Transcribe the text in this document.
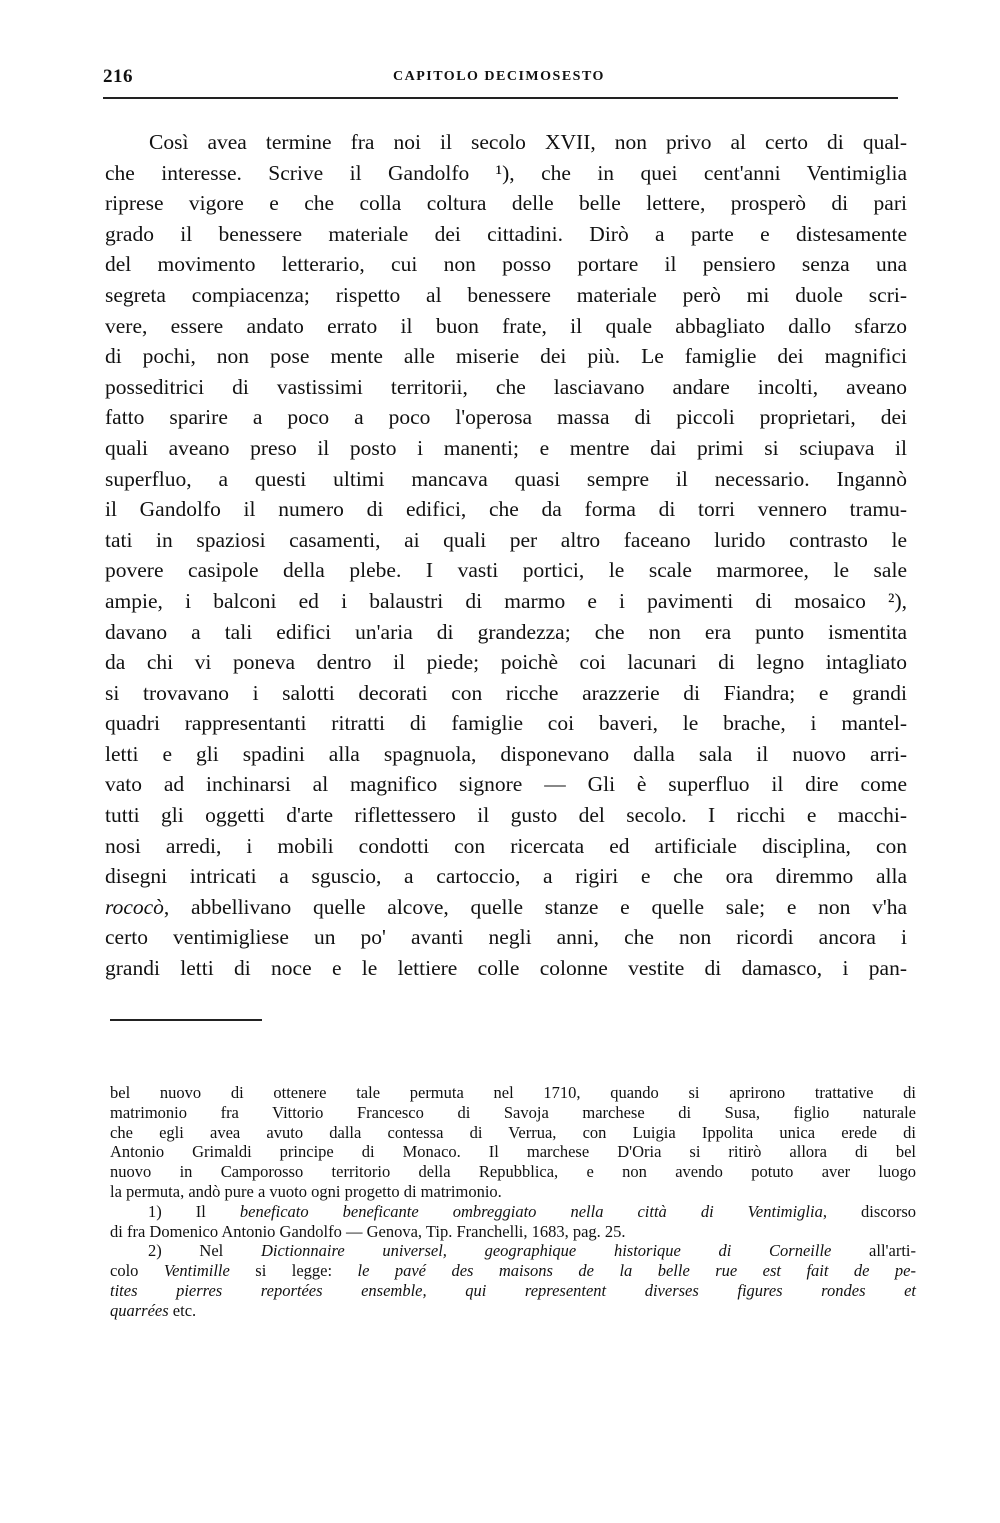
216	CAPITOLO DECIMOSESTO
Così avea termine fra noi il secolo XVII, non privo al certo di qual-
che interesse. Scrive il Gandolfo ¹), che in quei cent'anni Ventimiglia
riprese vigore e che colla coltura delle belle lettere, prosperò di pari
grado il benessere materiale dei cittadini. Dirò a parte e distesamente
del movimento letterario, cui non posso portare il pensiero senza una
segreta compiacenza; rispetto al benessere materiale però mi duole scri-
vere, essere andato errato il buon frate, il quale abbagliato dallo sfarzo
di pochi, non pose mente alle miserie dei più. Le famiglie dei magnifici
posseditrici di vastissimi territorii, che lasciavano andare incolti, aveano
fatto sparire a poco a poco l'operosa massa di piccoli proprietari, dei
quali aveano preso il posto i manenti; e mentre dai primi si sciupava il
superfluo, a questi ultimi mancava quasi sempre il necessario. Ingannò
il Gandolfo il numero di edifici, che da forma di torri vennero tramu-
tati in spaziosi casamenti, ai quali per altro faceano lurido contrasto le
povere casipole della plebe. I vasti portici, le scale marmoree, le sale
ampie, i balconi ed i balaustri di marmo e i pavimenti di mosaico ²),
davano a tali edifici un'aria di grandezza; che non era punto ismentita
da chi vi poneva dentro il piede; poichè coi lacunari di legno intagliato
si trovavano i salotti decorati con ricche arazzerie di Fiandra; e grandi
quadri rappresentanti ritratti di famiglie coi baveri, le brache, i mantel-
letti e gli spadini alla spagnuola, disponevano dalla sala il nuovo arri-
vato ad inchinarsi al magnifico signore — Gli è superfluo il dire come
tutti gli oggetti d'arte riflettessero il gusto del secolo. I ricchi e macchi-
nosi arredi, i mobili condotti con ricercata ed artificiale disciplina, con
disegni intricati a sguscio, a cartoccio, a rigiri e che ora diremmo alla
rococò, abbellivano quelle alcove, quelle stanze e quelle sale; e non v'ha
certo ventimigliese un po' avanti negli anni, che non ricordi ancora i
grandi letti di noce e le lettiere colle colonne vestite di damasco, i pan-
bel nuovo di ottenere tale permuta nel 1710, quando si aprirono trattative di
matrimonio fra Vittorio Francesco di Savoja marchese di Susa, figlio naturale
che egli avea avuto dalla contessa di Verrua, con Luigia Ippolita unica erede di
Antonio Grimaldi principe di Monaco. Il marchese D'Oria si ritirò allora di bel
nuovo in Camporosso territorio della Repubblica, e non avendo potuto aver luogo
la permuta, andò pure a vuoto ogni progetto di matrimonio.
1) Il beneficato beneficante ombreggiato nella città di Ventimiglia, discorso
di fra Domenico Antonio Gandolfo — Genova, Tip. Franchelli, 1683, pag. 25.
2) Nel Dictionnaire universel, geographique historique di Corneille all'arti-
colo Ventimille si legge: le pavé des maisons de la belle rue est fait de pe-
tites pierres reportées ensemble, qui representent diverses figures rondes et
quarrées etc.
